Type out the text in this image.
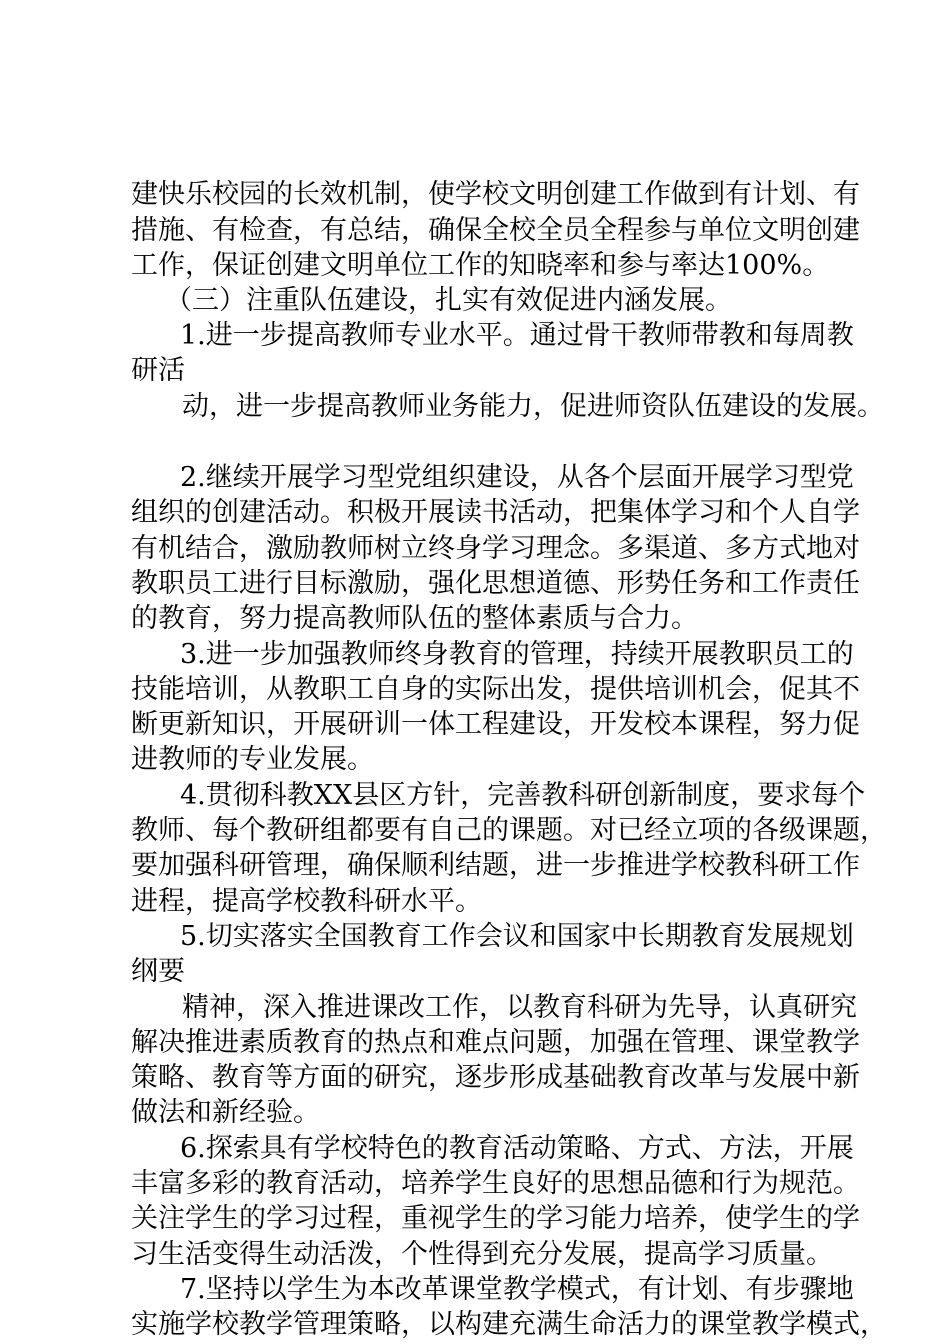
建快乐校园的长效机制，使学校文明创建工作做到有计划、有
措施、有检查，有总结，确保全校全员全程参与单位文明创建
工作，保证创建文明单位工作的知晓率和参与率达100%。
（三）注重队伍建设，扎实有效促进内涵发展。
1.进一步提高教师专业水平。通过骨干教师带教和每周教
研活
动，进一步提高教师业务能力，促进师资队伍建设的发展。
2.继续开展学习型党组织建设，从各个层面开展学习型党
组织的创建活动。积极开展读书活动，把集体学习和个人自学
有机结合，激励教师树立终身学习理念。多渠道、多方式地对
教职员工进行目标激励，强化思想道德、形势任务和工作责任
的教育，努力提高教师队伍的整体素质与合力。
3.进一步加强教师终身教育的管理，持续开展教职员工的
技能培训，从教职工自身的实际出发，提供培训机会，促其不
断更新知识，开展研训一体工程建设，开发校本课程，努力促
进教师的专业发展。
4.贯彻科教XX县区方针，完善教科研创新制度，要求每个
教师、每个教研组都要有自己的课题。对已经立项的各级课题，
要加强科研管理，确保顺利结题，进一步推进学校教科研工作
进程，提高学校教科研水平。
5.切实落实全国教育工作会议和国家中长期教育发展规划
纲要
精神，深入推进课改工作，以教育科研为先导，认真研究
解决推进素质教育的热点和难点问题，加强在管理、课堂教学
策略、教育等方面的研究，逐步形成基础教育改革与发展中新
做法和新经验。
6.探索具有学校特色的教育活动策略、方式、方法，开展
丰富多彩的教育活动，培养学生良好的思想品德和行为规范。
关注学生的学习过程，重视学生的学习能力培养，使学生的学
习生活变得生动活泼，个性得到充分发展，提高学习质量。
7.坚持以学生为本改革课堂教学模式，有计划、有步骤地
实施学校教学管理策略，以构建充满生命活力的课堂教学模式，
